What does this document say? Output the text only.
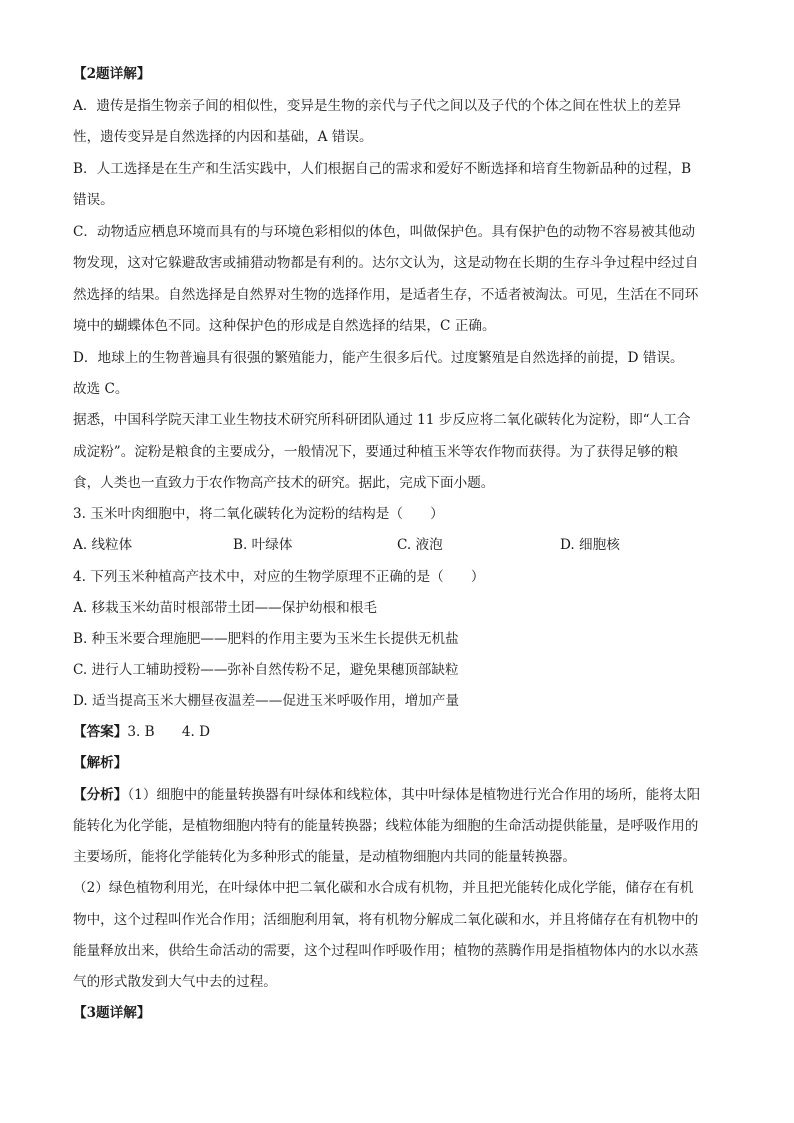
【2题详解】
A．遗传是指生物亲子间的相似性，变异是生物的亲代与子代之间以及子代的个体之间在性状上的差异
性，遗传变异是自然选择的内因和基础，A 错误。
B．人工选择是在生产和生活实践中，人们根据自己的需求和爱好不断选择和培育生物新品种的过程，B
错误。
C．动物适应栖息环境而具有的与环境色彩相似的体色，叫做保护色。具有保护色的动物不容易被其他动
物发现，这对它躲避敌害或捕猎动物都是有利的。达尔文认为，这是动物在长期的生存斗争过程中经过自
然选择的结果。自然选择是自然界对生物的选择作用，是适者生存，不适者被淘汰。可见，生活在不同环
境中的蝴蝶体色不同。这种保护色的形成是自然选择的结果，C 正确。
D．地球上的生物普遍具有很强的繁殖能力，能产生很多后代。过度繁殖是自然选择的前提，D 错误。
故选 C。
据悉，中国科学院天津工业生物技术研究所科研团队通过 11 步反应将二氧化碳转化为淀粉，即“人工合
成淀粉”。淀粉是粮食的主要成分，一般情况下，要通过种植玉米等农作物而获得。为了获得足够的粮
食，人类也一直致力于农作物高产技术的研究。据此，完成下面小题。
3. 玉米叶肉细胞中，将二氧化碳转化为淀粉的结构是（　　）
A. 线粒体	B. 叶绿体	C. 液泡	D. 细胞核
4. 下列玉米种植高产技术中，对应的生物学原理不正确的是（　　）
A. 移栽玉米幼苗时根部带土团——保护幼根和根毛
B. 种玉米要合理施肥——肥料的作用主要为玉米生长提供无机盐
C. 进行人工辅助授粉——弥补自然传粉不足，避免果穗顶部缺粒
D. 适当提高玉米大棚昼夜温差——促进玉米呼吸作用，增加产量
【答案】3. B　　4. D
【解析】
【分析】（1）细胞中的能量转换器有叶绿体和线粒体，其中叶绿体是植物进行光合作用的场所，能将太阳
能转化为化学能，是植物细胞内特有的能量转换器；线粒体能为细胞的生命活动提供能量，是呼吸作用的
主要场所，能将化学能转化为多种形式的能量，是动植物细胞内共同的能量转换器。
（2）绿色植物利用光，在叶绿体中把二氧化碳和水合成有机物，并且把光能转化成化学能，储存在有机
物中，这个过程叫作光合作用；活细胞利用氧，将有机物分解成二氧化碳和水，并且将储存在有机物中的
能量释放出来，供给生命活动的需要，这个过程叫作呼吸作用；植物的蒸腾作用是指植物体内的水以水蒸
气的形式散发到大气中去的过程。
【3题详解】
